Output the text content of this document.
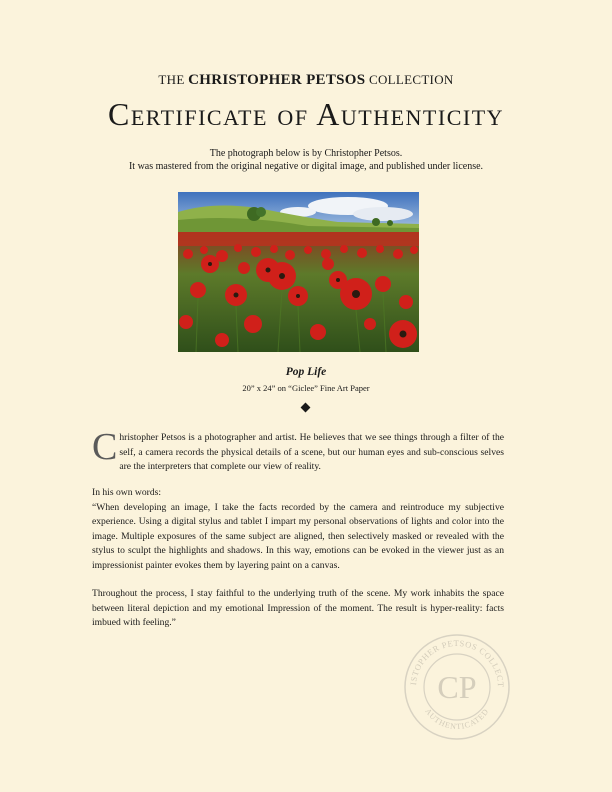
THE CHRISTOPHER PETSOS COLLECTION
Certificate of Authenticity
The photograph below is by Christopher Petsos.
It was mastered from the original negative or digital image, and published under license.
Pop Life
20” x 24” on “Giclee” Fine Art Paper
Christopher Petsos is a photographer and artist. He believes that we see things through a filter of the self, a camera records the physical details of a scene, but our human eyes and sub-conscious selves are the interpreters that complete our view of reality.
In his own words:
“When developing an image, I take the facts recorded by the camera and reintroduce my subjective experience. Using a digital stylus and tablet I impart my personal observations of lights and color into the image. Multiple exposures of the same subject are aligned, then selectively masked or revealed with the stylus to sculpt the highlights and shadows. In this way, emotions can be evoked in the viewer just as an impressionist painter evokes them by layering paint on a canvas.
Throughout the process, I stay faithful to the underlying truth of the scene. My work inhabits the space between literal depiction and my emotional Impression of the moment. The result is hyper-reality: facts imbued with feeling.”
ISTOPHER PETSOS COLLECT
AUTHENTICATED
CP
